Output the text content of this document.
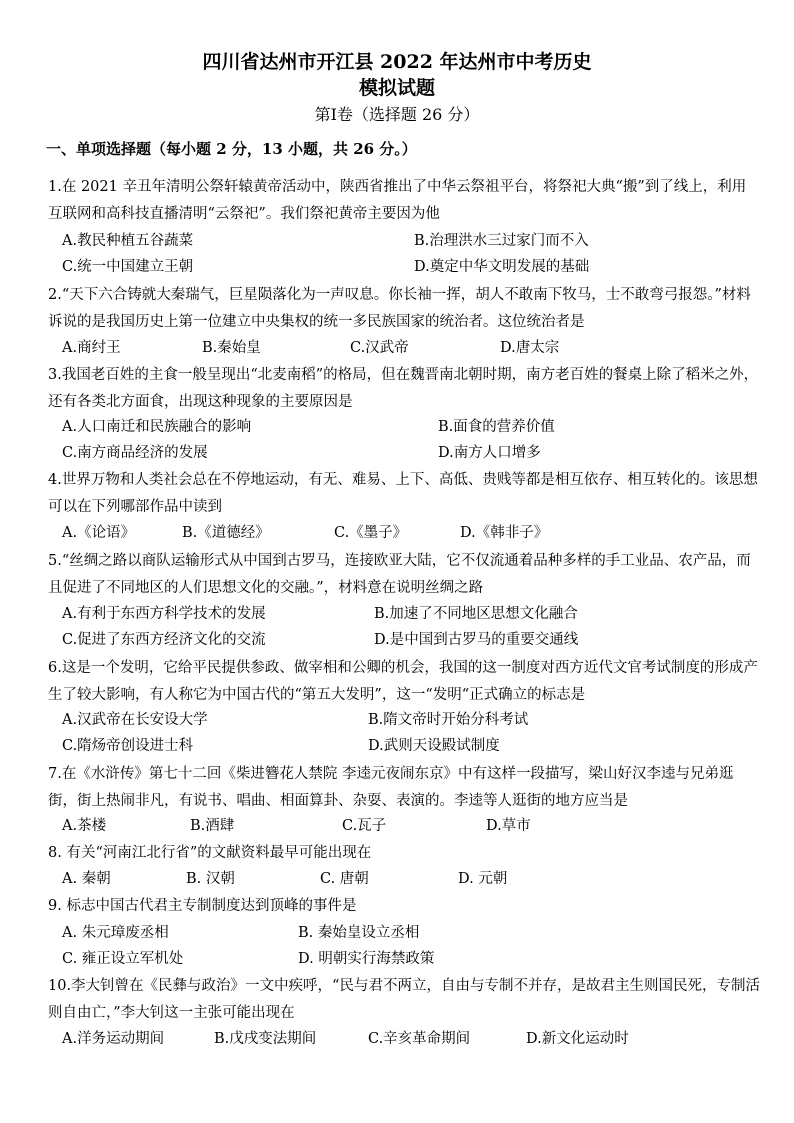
四川省达州市开江县 2022 年达州市中考历史
模拟试题
第Ⅰ卷（选择题 26 分）
一、单项选择题（每小题 2 分，13 小题，共 26 分。）
1.在 2021 辛丑年清明公祭轩辕黄帝活动中，陕西省推出了中华云祭祖平台，将祭祀大典“搬”到了线上，利用互联网和高科技直播清明“云祭祀”。我们祭祀黄帝主要因为他
A.教民种植五谷蔬菜	B.治理洪水三过家门而不入
C.统一中国建立王朝	D.奠定中华文明发展的基础
2.“天下六合铸就大秦瑞气，巨星陨落化为一声叹息。你长袖一挥，胡人不敢南下牧马，士不敢弯弓报怨。”材料诉说的是我国历史上第一位建立中央集权的统一多民族国家的统治者。这位统治者是
A.商纣王	B.秦始皇	C.汉武帝	D.唐太宗
3.我国老百姓的主食一般呈现出“北麦南稻”的格局，但在魏晋南北朝时期，南方老百姓的餐桌上除了稻米之外，还有各类北方面食，出现这种现象的主要原因是
A.人口南迁和民族融合的影响	B.面食的营养价值
C.南方商品经济的发展	D.南方人口增多
4.世界万物和人类社会总在不停地运动，有无、难易、上下、高低、贵贱等都是相互依存、相互转化的。该思想可以在下列哪部作品中读到
A.《论语》	B.《道德经》	C.《墨子》	D.《韩非子》
5.“丝绸之路以商队运输形式从中国到古罗马，连接欧亚大陆，它不仅流通着品种多样的手工业品、农产品，而且促进了不同地区的人们思想文化的交融。”，材料意在说明丝绸之路
A.有利于东西方科学技术的发展	B.加速了不同地区思想文化融合
C.促进了东西方经济文化的交流	D.是中国到古罗马的重要交通线
6.这是一个发明，它给平民提供参政、做宰相和公卿的机会，我国的这一制度对西方近代文官考试制度的形成产生了较大影响，有人称它为中国古代的“第五大发明”，这一“发明“正式确立的标志是
A.汉武帝在长安设大学	B.隋文帝时开始分科考试
C.隋炀帝创设进士科	D.武则天设殿试制度
7.在《水浒传》第七十二回《柴进簪花人禁院 李逵元夜闹东京》中有这样一段描写，梁山好汉李逵与兄弟逛街，街上热闹非凡，有说书、唱曲、相面算卦、杂耍、表演的。李逵等人逛街的地方应当是
A.茶楼	B.酒肆	C.瓦子	D.草市
8. 有关“河南江北行省”的文献资料最早可能出现在
A. 秦朝	B. 汉朝	C. 唐朝	D. 元朝
9. 标志中国古代君主专制制度达到顶峰的事件是
A. 朱元璋废丞相	B. 秦始皇设立丞相
C. 雍正设立军机处	D. 明朝实行海禁政策
10.李大钊曾在《民彝与政治》一文中疾呼，“民与君不两立，自由与专制不并存，是故君主生则国民死，专制活则自由亡，”李大钊这一主张可能出现在
A.洋务运动期间	B.戊戌变法期间	C.辛亥革命期间	D.新文化运动时
